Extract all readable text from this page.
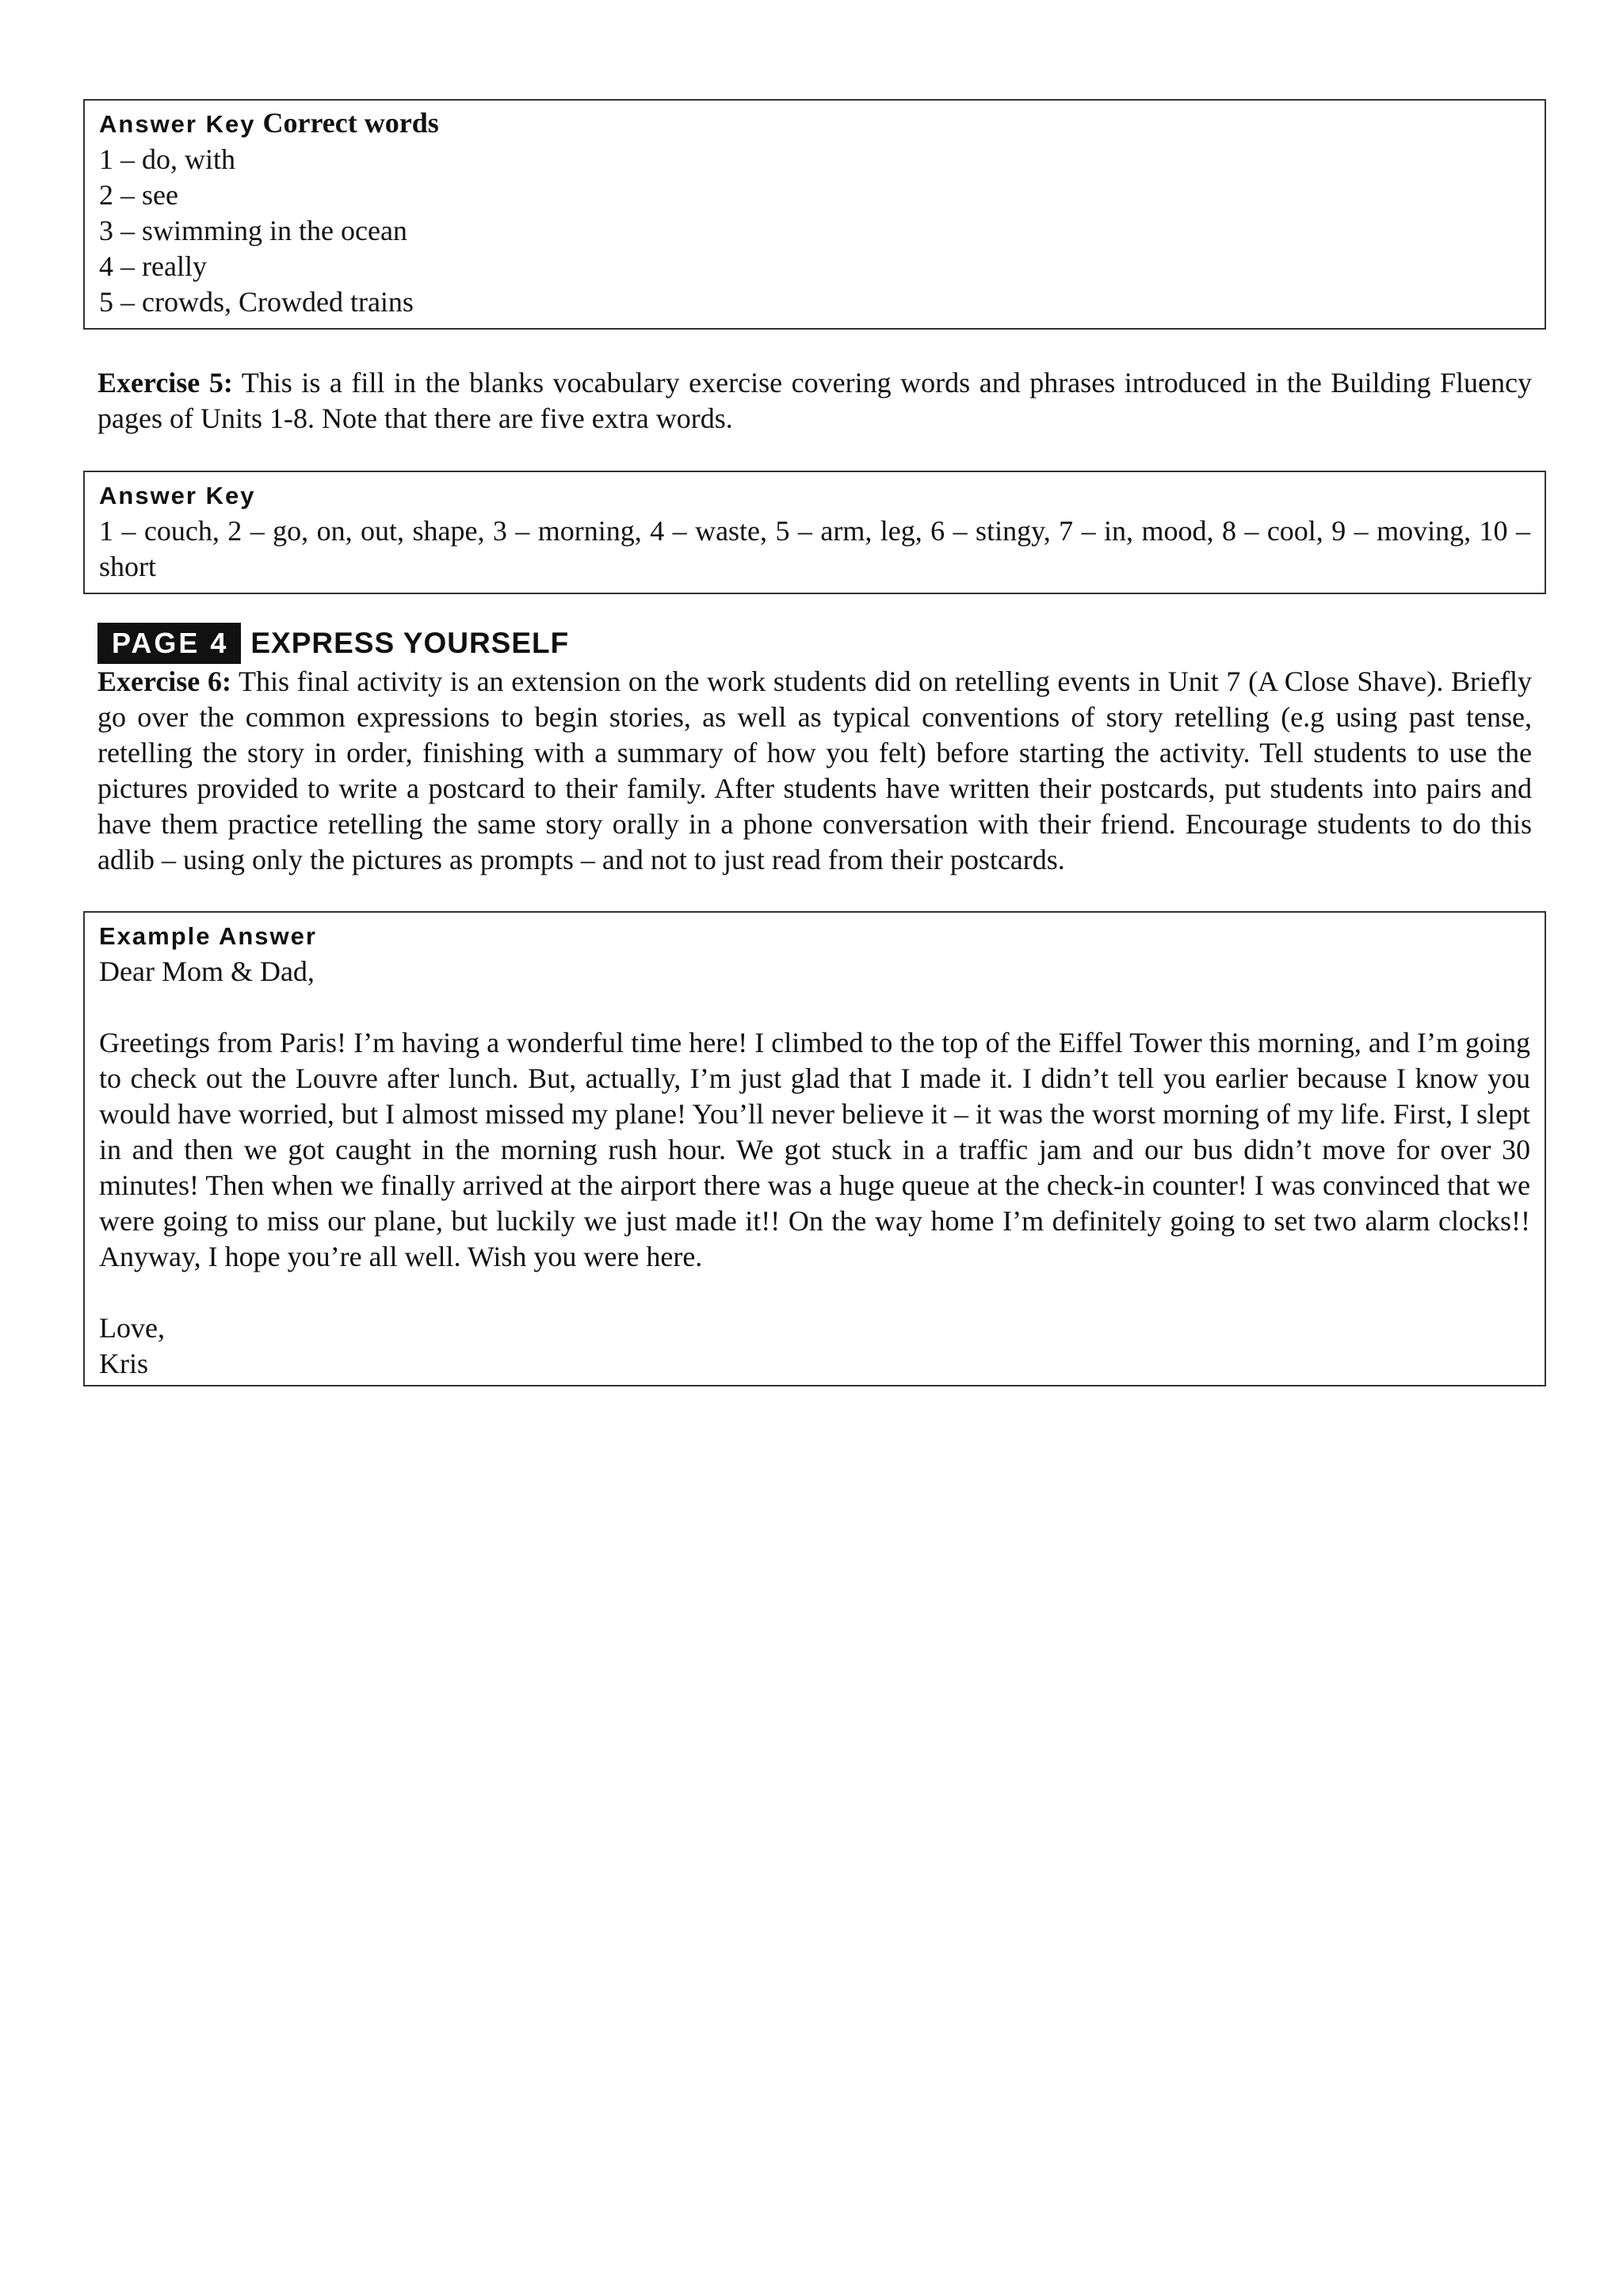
Answer Key Correct words

1 – do, with

2 – see

3 – swimming in the ocean

4 – really

5 – crowds, Crowded trains

Exercise 5: This is a fill in the blanks vocabulary exercise covering words and phrases introduced in the Building Fluency pages of Units 1-8. Note that there are five extra words.

Answer Key

1 – couch, 2 – go, on, out, shape, 3 – morning, 4 – waste, 5 – arm, leg, 6 – stingy, 7 – in, mood, 8 – cool, 9 – moving, 10 – short

PAGE 4 EXPRESS YOURSELF

Exercise 6: This final activity is an extension on the work students did on retelling events in Unit 7 (A Close Shave). Briefly go over the common expressions to begin stories, as well as typical conventions of story retelling (e.g using past tense, retelling the story in order, finishing with a summary of how you felt) before starting the activity. Tell students to use the pictures provided to write a postcard to their family. After students have written their postcards, put students into pairs and have them practice retelling the same story orally in a phone conversation with their friend. Encourage students to do this adlib – using only the pictures as prompts – and not to just read from their postcards.

Example Answer

Dear Mom & Dad,

Greetings from Paris! I’m having a wonderful time here! I climbed to the top of the Eiffel Tower this morning, and I’m going to check out the Louvre after lunch. But, actually, I’m just glad that I made it. I didn’t tell you earlier because I know you would have worried, but I almost missed my plane! You’ll never believe it – it was the worst morning of my life. First, I slept in and then we got caught in the morning rush hour. We got stuck in a traffic jam and our bus didn’t move for over 30 minutes! Then when we finally arrived at the airport there was a huge queue at the check-in counter! I was convinced that we were going to miss our plane, but luckily we just made it!! On the way home I’m definitely going to set two alarm clocks!! Anyway, I hope you’re all well. Wish you were here.

Love,

Kris
